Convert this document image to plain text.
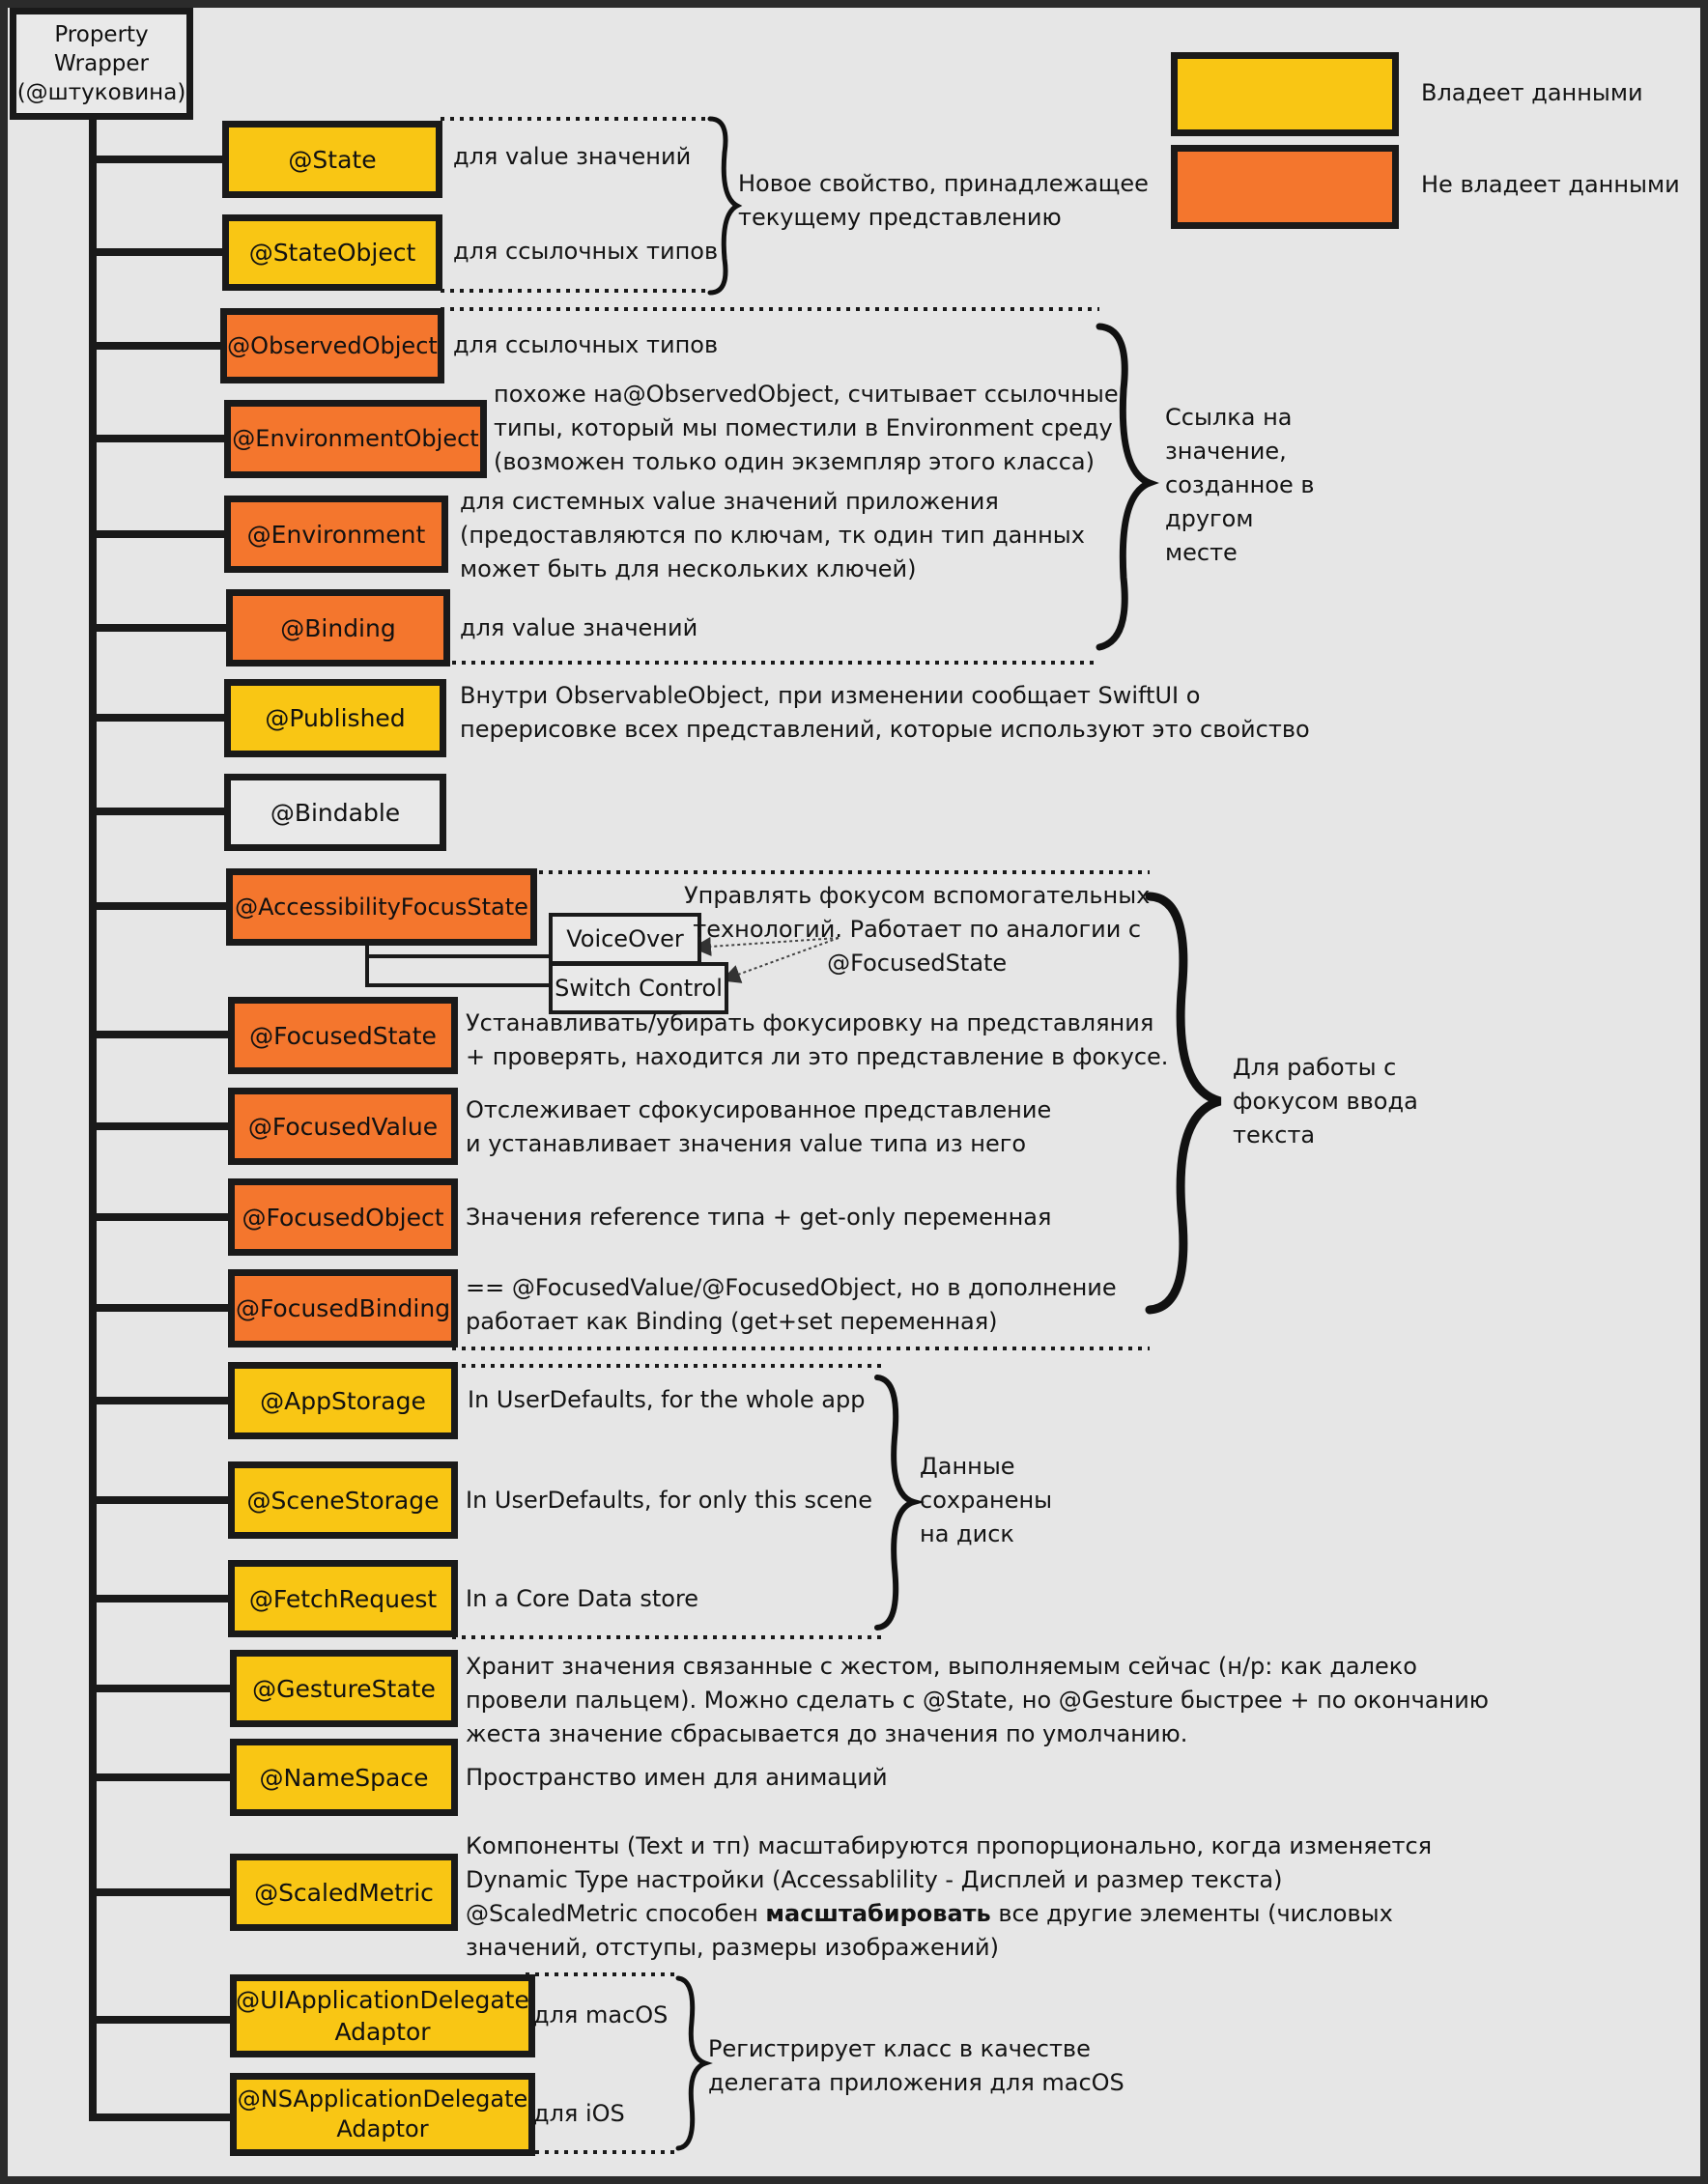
Property
Wrapper
(@штуковина)	Владеет данными
Не владеет данными
@State
@StateObject
@ObservedObject
@EnvironmentObject
@Environment
@Binding
@Published
@Bindable
@AccessibilityFocusState
@FocusedState
@FocusedValue
@FocusedObject
@FocusedBinding
@AppStorage
@SceneStorage
@FetchRequest
@GestureState
@NameSpace
@ScaledMetric
@UIApplicationDelegate
Adaptor
@NSApplicationDelegate
Adaptor
VoiceOver
Switch Control
для value значений
для ссылочных типов
для ссылочных типов
похоже на@ObservedObject, считывает ссылочные
типы, который мы поместили в Environment среду
(возможен только один экземпляр этого класса)
для системных value значений приложения
(предоставляются по ключам, тк один тип данных
может быть для нескольких ключей)
для value значений
Внутри ObservableObject, при изменении сообщает SwiftUI о
перерисовке всех представлений, которые используют это свойство
Управлять фокусом вспомогательных
технологий. Работает по аналогии с
@FocusedState
Устанавливать/убирать фокусировку на представляния
+ проверять, находится ли это представление в фокусе.
Отслеживает сфокусированное представление
и устанавливает значения value типа из него
Значения reference типа + get-only переменная
== @FocusedValue/@FocusedObject, но в дополнение
работает как Binding (get+set переменная)
In UserDefaults, for the whole app
In UserDefaults, for only this scene
In a Core Data store
Хранит значения связанные с жестом, выполняемым сейчас (н/р: как далеко
провели пальцем). Можно сделать с @State, но @Gesture быстрее + по окончанию
жеста значение сбрасывается до значения по умолчанию.
Пространство имен для анимаций
Компоненты (Text и тп) масштабируются пропорционально, когда изменяется
Dynamic Type настройки (Accessablility - Дисплей и размер текста)
@ScaledMetric способен масштабировать все другие элементы (числовых
значений, отступы, размеры изображений)
для macOS
для iOS
Новое свойство, принадлежащее
текущему представлению
Ссылка на
значение,
созданное в
другом
месте
Для работы с
фокусом ввода
текста
Данные
сохранены
на диск
Регистрирует класс в качестве
делегата приложения для macOS
